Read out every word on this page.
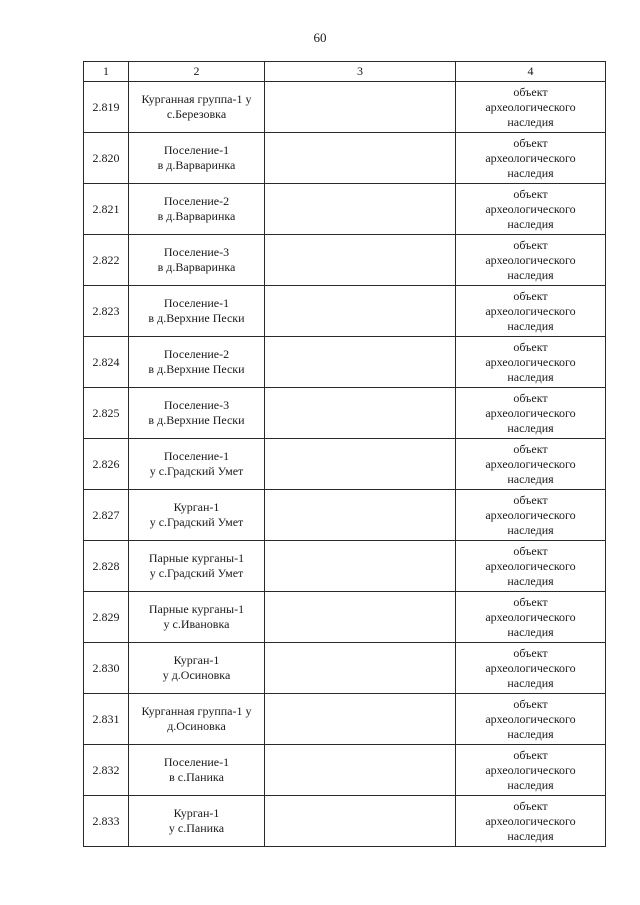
60
1	2	3	4
2.819	Курганная группа-1 у
с.Березовка		объект
археологического
наследия
2.820	Поселение-1
в д.Варваринка		объект
археологического
наследия
2.821	Поселение-2
в д.Варваринка		объект
археологического
наследия
2.822	Поселение-3
в д.Варваринка		объект
археологического
наследия
2.823	Поселение-1
в д.Верхние Пески		объект
археологического
наследия
2.824	Поселение-2
в д.Верхние Пески		объект
археологического
наследия
2.825	Поселение-3
в д.Верхние Пески		объект
археологического
наследия
2.826	Поселение-1
у с.Градский Умет		объект
археологического
наследия
2.827	Курган-1
у с.Градский Умет		объект
археологического
наследия
2.828	Парные курганы-1
у с.Градский Умет		объект
археологического
наследия
2.829	Парные курганы-1
у с.Ивановка		объект
археологического
наследия
2.830	Курган-1
у д.Осиновка		объект
археологического
наследия
2.831	Курганная группа-1 у
д.Осиновка		объект
археологического
наследия
2.832	Поселение-1
в с.Паника		объект
археологического
наследия
2.833	Курган-1
у с.Паника		объект
археологического
наследия
